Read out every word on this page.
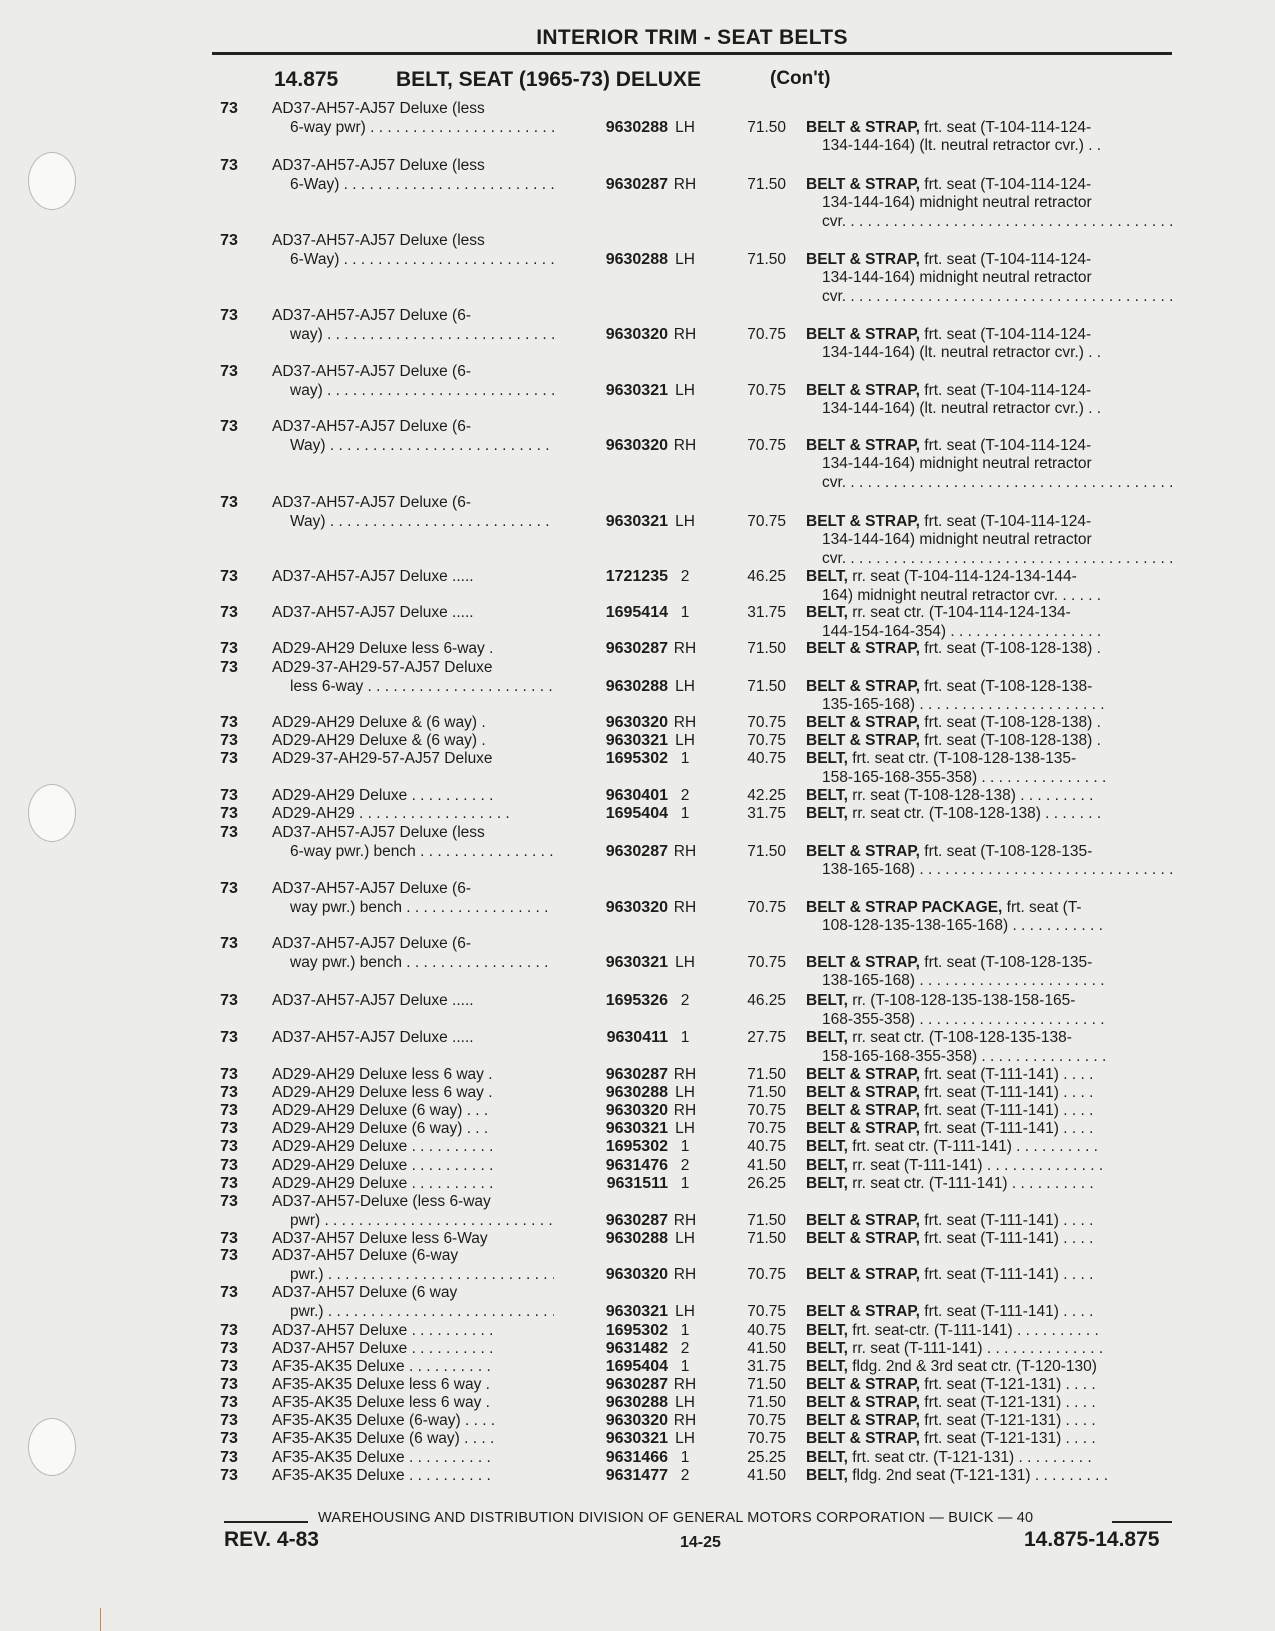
INTERIOR TRIM - SEAT BELTS
14.875	BELT, SEAT (1965-73) DELUXE	(Con't)
73	AD37-AH57-AJ57 Deluxe (less
6-way pwr) . . .	9630288 LH	71.50 BELT & STRAP, frt. seat (T-104-114-124-
134-144-164) (lt. neutral retractor cvr.) . .
73	AD37-AH57-AJ57 Deluxe (less
6-Way) . . .	9630287 RH	71.50 BELT & STRAP, frt. seat (T-104-114-124-
134-144-164) midnight neutral retractor
cvr. . . .
73	AD37-AH57-AJ57 Deluxe (less
6-Way) . . .	9630288 LH	71.50 BELT & STRAP, frt. seat (T-104-114-124-
134-144-164) midnight neutral retractor
cvr. . . .
73	AD37-AH57-AJ57 Deluxe (6-
way) . . .	9630320 RH	70.75 BELT & STRAP, frt. seat (T-104-114-124-
134-144-164) (lt. neutral retractor cvr.) . .
73	AD37-AH57-AJ57 Deluxe (6-
way) . . .	9630321 LH	70.75 BELT & STRAP, frt. seat (T-104-114-124-
134-144-164) (lt. neutral retractor cvr.) . .
73	AD37-AH57-AJ57 Deluxe (6-
Way) . . .	9630320 RH	70.75 BELT & STRAP, frt. seat (T-104-114-124-
134-144-164) midnight neutral retractor
cvr. . . .
73	AD37-AH57-AJ57 Deluxe (6-
Way) . . .	9630321 LH	70.75 BELT & STRAP, frt. seat (T-104-114-124-
134-144-164) midnight neutral retractor
cvr. . . .
73	AD37-AH57-AJ57 Deluxe .....	1721235 2	46.25 BELT, rr. seat (T-104-114-124-134-144-
164) midnight neutral retractor cvr. . . . . .
73	AD37-AH57-AJ57 Deluxe .....	1695414 1	31.75 BELT, rr. seat ctr. (T-104-114-124-134-
144-154-164-354) . . . . . . . . . . . . . . . . . .
73	AD29-AH29 Deluxe less 6-way .	9630287 RH	71.50 BELT & STRAP, frt. seat (T-108-128-138) .
73	AD29-37-AH29-57-AJ57 Deluxe
less 6-way . . .	9630288 LH	71.50 BELT & STRAP, frt. seat (T-108-128-138-
135-165-168) . . . . . . . . . . . . . . . . . . . . . .
73	AD29-AH29 Deluxe & (6 way) .	9630320 RH	70.75 BELT & STRAP, frt. seat (T-108-128-138) .
73	AD29-AH29 Deluxe & (6 way) .	9630321 LH	70.75 BELT & STRAP, frt. seat (T-108-128-138) .
73	AD29-37-AH29-57-AJ57 Deluxe	1695302 1	40.75 BELT, frt. seat ctr. (T-108-128-138-135-
158-165-168-355-358) . . . . . . . . . . . . . . .
73	AD29-AH29 Deluxe . . . . . . . . . .	9630401 2	42.25 BELT, rr. seat (T-108-128-138) . . . . . . . . .
73	AD29-AH29 . . . . . . . . . . . . . . . . . .	1695404 1	31.75 BELT, rr. seat ctr. (T-108-128-138) . . . . . . .
73	AD37-AH57-AJ57 Deluxe (less
6-way pwr.) bench . . .	9630287 RH	71.50 BELT & STRAP, frt. seat (T-108-128-135-
138-165-168) . . .
73	AD37-AH57-AJ57 Deluxe (6-
way pwr.) bench . . .	9630320 RH	70.75 BELT & STRAP PACKAGE, frt. seat (T-
108-128-135-138-165-168) . . . . . . . . . . .
73	AD37-AH57-AJ57 Deluxe (6-
way pwr.) bench . . .	9630321 LH	70.75 BELT & STRAP, frt. seat (T-108-128-135-
138-165-168) . . . . . . . . . . . . . . . . . . . . . .
73	AD37-AH57-AJ57 Deluxe .....	1695326 2	46.25 BELT, rr. (T-108-128-135-138-158-165-
168-355-358) . . . . . . . . . . . . . . . . . . . . . .
73	AD37-AH57-AJ57 Deluxe .....	9630411 1	27.75 BELT, rr. seat ctr. (T-108-128-135-138-
158-165-168-355-358) . . . . . . . . . . . . . . .
73	AD29-AH29 Deluxe less 6 way .	9630287 RH	71.50 BELT & STRAP, frt. seat (T-111-141) . . . .
73	AD29-AH29 Deluxe less 6 way .	9630288 LH	71.50 BELT & STRAP, frt. seat (T-111-141) . . . .
73	AD29-AH29 Deluxe (6 way) . . .	9630320 RH	70.75 BELT & STRAP, frt. seat (T-111-141) . . . .
73	AD29-AH29 Deluxe (6 way) . . .	9630321 LH	70.75 BELT & STRAP, frt. seat (T-111-141) . . . .
73	AD29-AH29 Deluxe . . . . . . . . . .	1695302 1	40.75 BELT, frt. seat ctr. (T-111-141) . . . . . . . . . .
73	AD29-AH29 Deluxe . . . . . . . . . .	9631476 2	41.50 BELT, rr. seat (T-111-141) . . . . . . . . . . . . . .
73	AD29-AH29 Deluxe . . . . . . . . . .	9631511 1	26.25 BELT, rr. seat ctr. (T-111-141) . . . . . . . . . .
73	AD37-AH57-Deluxe (less 6-way
pwr) . . .	9630287 RH	71.50 BELT & STRAP, frt. seat (T-111-141) . . . .
73	AD37-AH57 Deluxe less 6-Way	9630288 LH	71.50 BELT & STRAP, frt. seat (T-111-141) . . . .
73	AD37-AH57 Deluxe (6-way
pwr.) . . .	9630320 RH	70.75 BELT & STRAP, frt. seat (T-111-141) . . . .
73	AD37-AH57 Deluxe (6 way
pwr.) . . .	9630321 LH	70.75 BELT & STRAP, frt. seat (T-111-141) . . . .
73	AD37-AH57 Deluxe . . . . . . . . . .	1695302 1	40.75 BELT, frt. seat-ctr. (T-111-141) . . . . . . . . . .
73	AD37-AH57 Deluxe . . . . . . . . . .	9631482 2	41.50 BELT, rr. seat (T-111-141) . . . . . . . . . . . . . .
73	AF35-AK35 Deluxe . . . . . . . . . .	1695404 1	31.75 BELT, fldg. 2nd & 3rd seat ctr. (T-120-130)
73	AF35-AK35 Deluxe less 6 way .	9630287 RH	71.50 BELT & STRAP, frt. seat (T-121-131) . . . .
73	AF35-AK35 Deluxe less 6 way .	9630288 LH	71.50 BELT & STRAP, frt. seat (T-121-131) . . . .
73	AF35-AK35 Deluxe (6-way) . . . .	9630320 RH	70.75 BELT & STRAP, frt. seat (T-121-131) . . . .
73	AF35-AK35 Deluxe (6 way) . . . .	9630321 LH	70.75 BELT & STRAP, frt. seat (T-121-131) . . . .
73	AF35-AK35 Deluxe . . . . . . . . . .	9631466 1	25.25 BELT, frt. seat ctr. (T-121-131) . . . . . . . . .
73	AF35-AK35 Deluxe . . . . . . . . . .	9631477 2	41.50 BELT, fldg. 2nd seat (T-121-131) . . . . . . . . .
WAREHOUSING AND DISTRIBUTION DIVISION OF GENERAL MOTORS CORPORATION — BUICK — 40
REV. 4-83	14-25	14.875-14.875
